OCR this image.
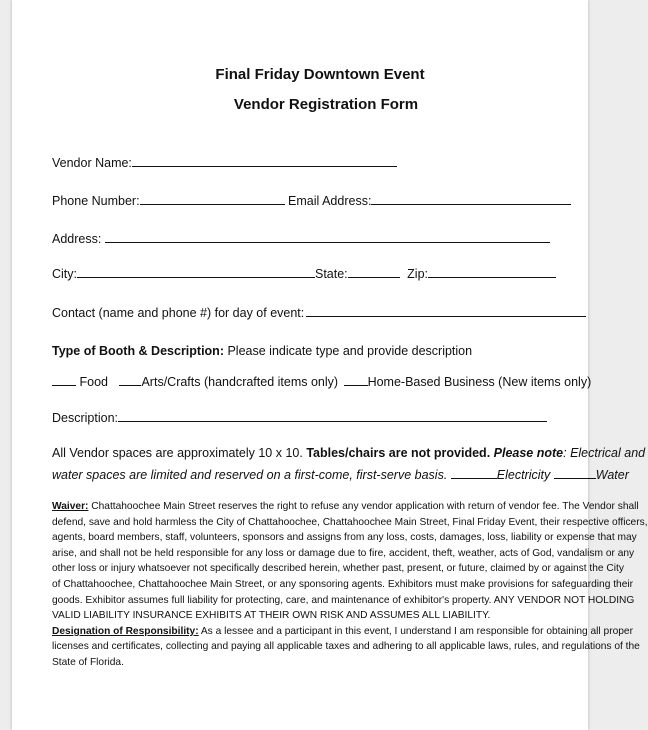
Final Friday Downtown Event
Vendor Registration Form
Vendor Name:
Phone Number:	Email Address:
Address:
City:	State:	Zip:
Contact (name and phone #) for day of event:
Type of Booth & Description: Please indicate type and provide description
Food	Arts/Crafts (handcrafted items only) Home-Based Business (New items only)
Description:
All Vendor spaces are approximately 10 x 10. Tables/chairs are not provided. Please note: Electrical and
water spaces are limited and reserved on a first-come, first-serve basis.	Electricity	Water

Waiver: Chattahoochee Main Street reserves the right to refuse any vendor application with return of vendor fee. The Vendor shall

defend, save and hold harmless the City of Chattahoochee, Chattahoochee Main Street, Final Friday Event, their respective officers,

agents, board members, staff, volunteers, sponsors and assigns from any loss, costs, damages, loss, liability or expense that may

arise, and shall not be held responsible for any loss or damage due to fire, accident, theft, weather, acts of God, vandalism or any

other loss or injury whatsoever not specifically described herein, whether past, present, or future, claimed by or against the City

of Chattahoochee, Chattahoochee Main Street, or any sponsoring agents. Exhibitors must make provisions for safeguarding their

goods. Exhibitor assumes full liability for protecting, care, and maintenance of exhibitor's property. ANY VENDOR NOT HOLDING

VALID LIABILITY INSURANCE EXHIBITS AT THEIR OWN RISK AND ASSUMES ALL LIABILITY.

Designation of Responsibility: As a lessee and a participant in this event, I understand I am responsible for obtaining all proper

licenses and certificates, collecting and paying all applicable taxes and adhering to all applicable laws, rules, and regulations of the

State of Florida.
